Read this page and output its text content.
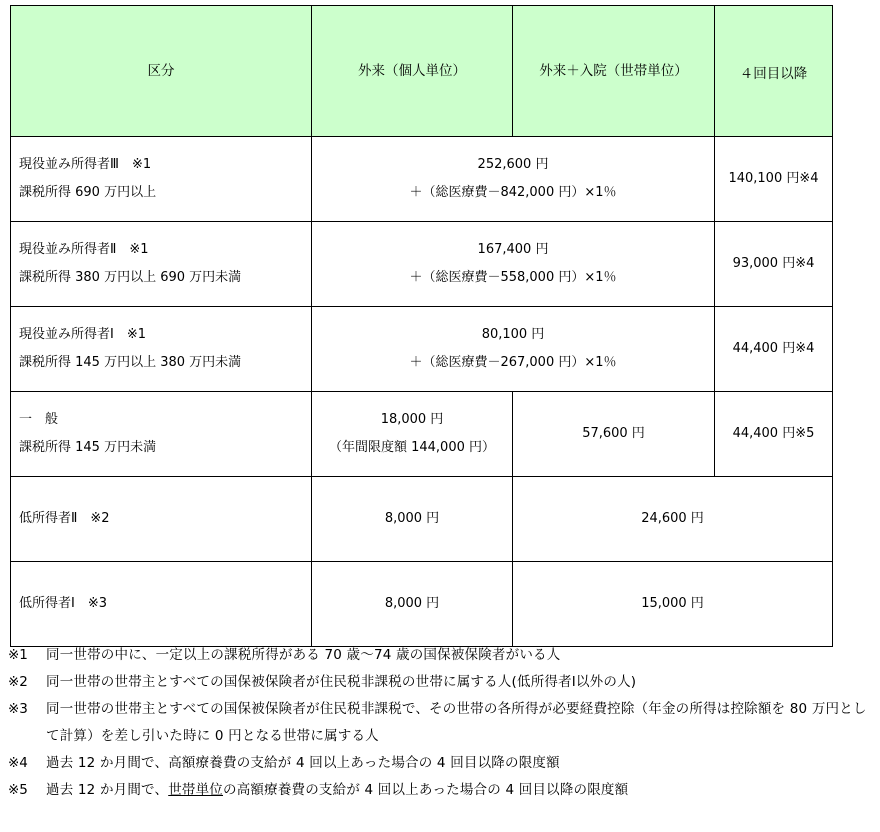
区分	外来（個人単位）	外来＋入院（世帯単位）	４回目以降

現役並み所得者Ⅲ　※1
課税所得 690 万円以上	252,600 円
＋（総医療費－842,000 円）×1％		140,100 円※4

現役並み所得者Ⅱ　※1
課税所得 380 万円以上 690 万円未満	167,400 円
＋（総医療費－558,000 円）×1％		93,000 円※4

現役並み所得者Ⅰ　※1
課税所得 145 万円以上 380 万円未満	80,100 円
＋（総医療費－267,000 円）×1％		44,400 円※4

一　般
課税所得 145 万円未満	18,000 円
（年間限度額 144,000 円）	57,600 円	44,400 円※5
低所得者Ⅱ　※2	8,000 円	24,600 円	
低所得者Ⅰ　※3	8,000 円	15,000 円	
※1	同一世帯の中に、一定以上の課税所得がある 70 歳～74 歳の国保被保険者がいる人
※2	同一世帯の世帯主とすべての国保被保険者が住民税非課税の世帯に属する人(低所得者Ⅰ以外の人)
※3	同一世帯の世帯主とすべての国保被保険者が住民税非課税で、その世帯の各所得が必要経費控除（年金の所得は控除額を 80 万円として計算）を差し引いた時に 0 円となる世帯に属する人
※4	過去 12 か月間で、高額療養費の支給が 4 回以上あった場合の 4 回目以降の限度額
※5	過去 12 か月間で、世帯単位の高額療養費の支給が 4 回以上あった場合の 4 回目以降の限度額
